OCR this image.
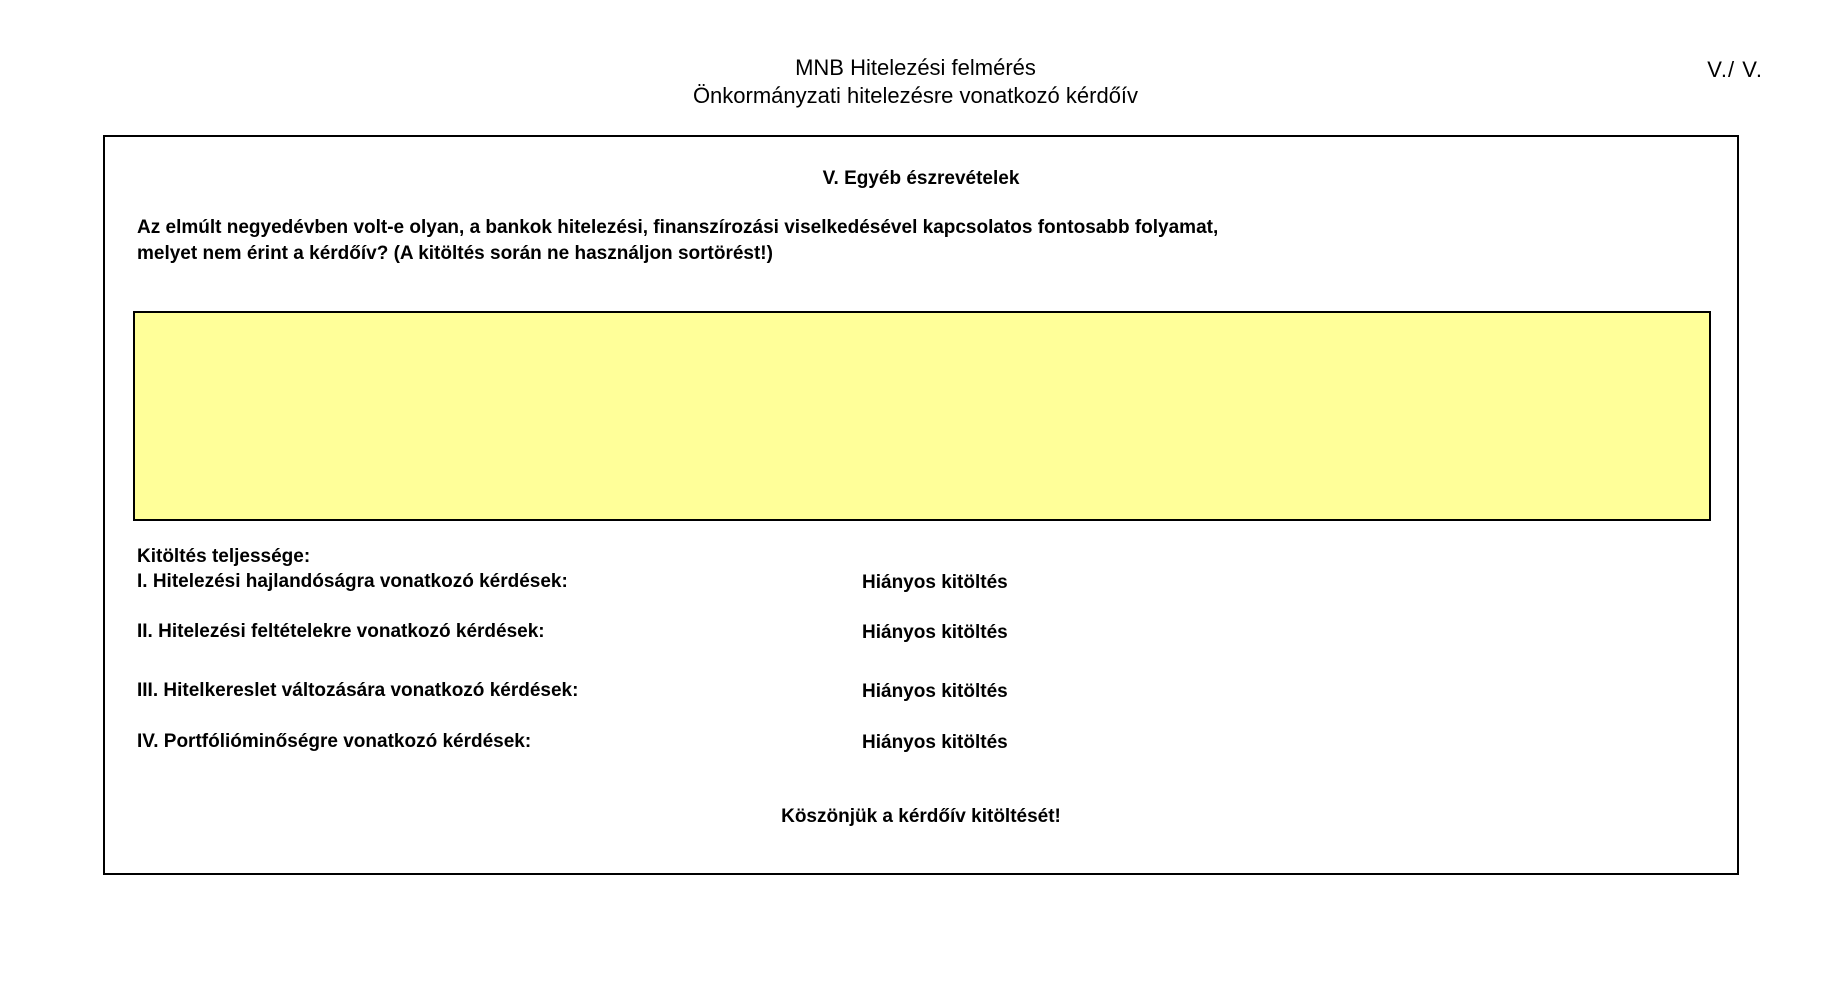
MNB Hitelezési felmérés
Önkormányzati hitelezésre vonatkozó kérdőív
V./ V.
V. Egyéb észrevételek
Az elmúlt negyedévben volt-e olyan, a bankok hitelezési, finanszírozási viselkedésével kapcsolatos fontosabb folyamat,
melyet nem érint a kérdőív? (A kitöltés során ne használjon sortörést!)
Kitöltés teljessége:
I. Hitelezési hajlandóságra vonatkozó kérdések:	Hiányos kitöltés
II. Hitelezési feltételekre vonatkozó kérdések:	Hiányos kitöltés
III. Hitelkereslet változására vonatkozó kérdések:	Hiányos kitöltés
IV. Portfólióminőségre vonatkozó kérdések:	Hiányos kitöltés
Köszönjük a kérdőív kitöltését!
